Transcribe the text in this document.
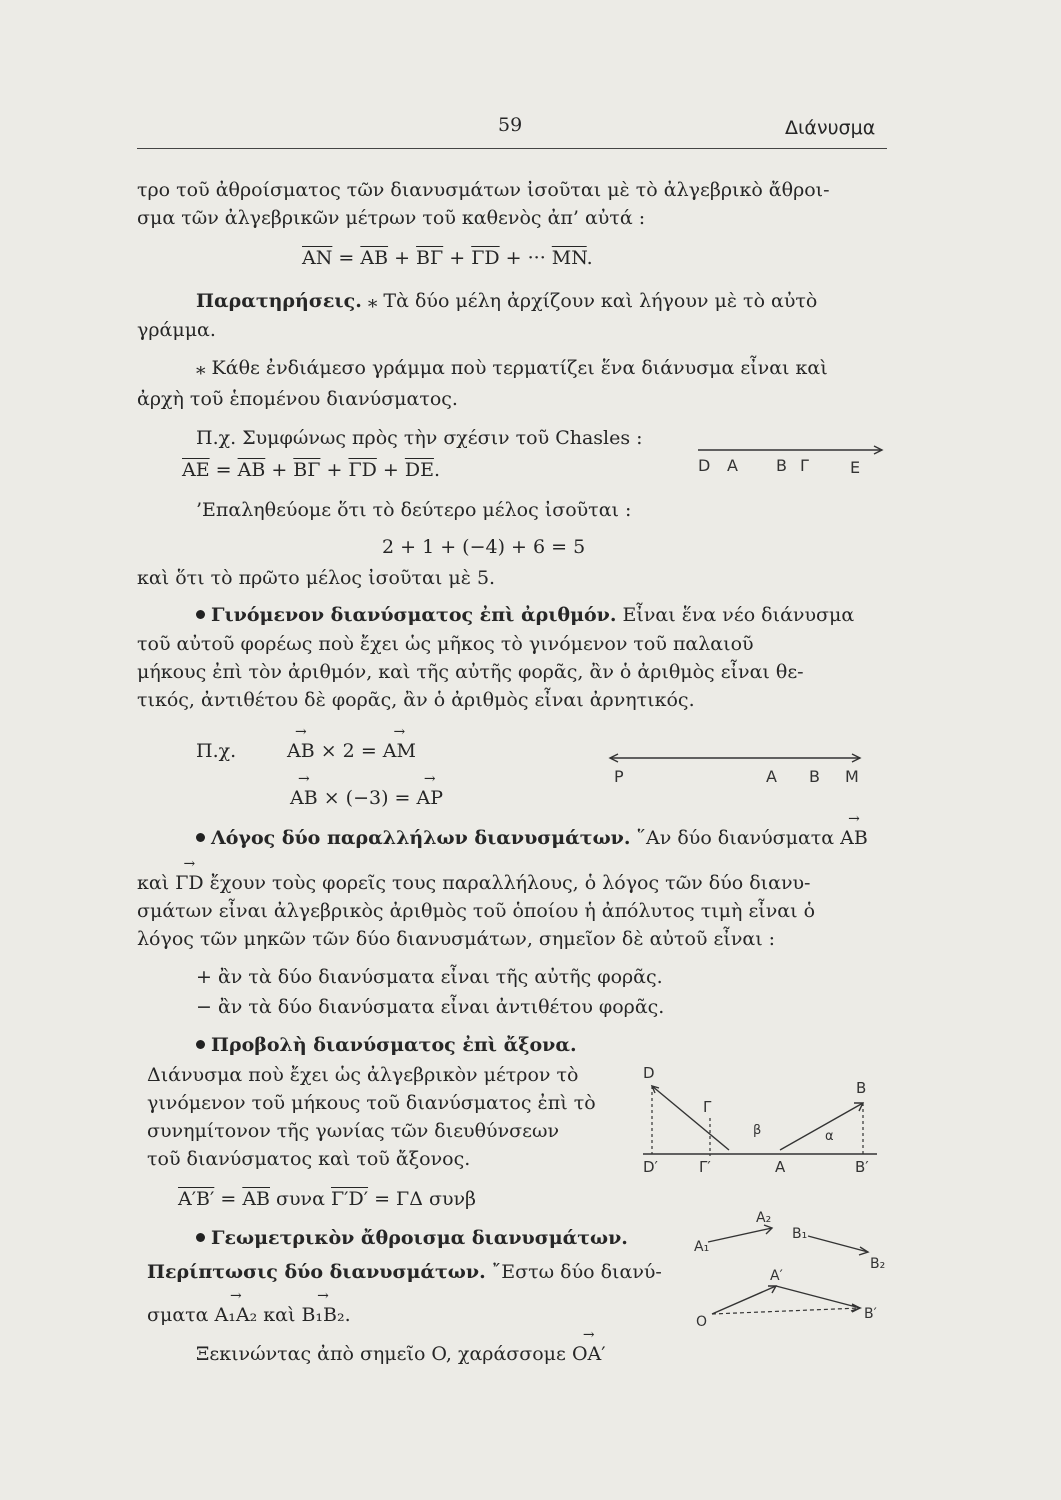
59	Διάνυσμα
τρο τοῦ ἀθροίσματος τῶν διανυσμάτων ἰσοῦται μὲ τὸ ἀλγεβρικὸ ἄθροι-
σμα τῶν ἀλγεβρικῶν μέτρων τοῦ καθενὸς ἀπ’ αὐτά :
$\overline{AN} = \overline{AB} + \overline{B\Gamma} + \overline{\Gamma D}$ + ··· $\overline{MN}$.
Παρατηρήσεις. ⁎ Τὰ δύο μέλη ἀρχίζουν καὶ λήγουν μὲ τὸ αὐτὸ
γράμμα.
⁎ Κάθε ἐνδιάμεσο γράμμα ποὺ τερματίζει ἕνα διάνυσμα εἶναι καὶ
ἀρχὴ τοῦ ἑπομένου διανύσματος.
Π.χ. Συμφώνως πρὸς τὴν σχέσιν τοῦ Chasles :
$\overline{AE} = \overline{AB} + \overline{B\Gamma} + \overline{\Gamma D} + \overline{DE}$.	D A B Γ	E
’Επαληθεύομε ὅτι τὸ δεύτερο μέλος ἰσοῦται :
2 + 1 + (−4) + 6 = 5
καὶ ὅτι τὸ πρῶτο μέλος ἰσοῦται μὲ 5.
Γινόμενον διανύσματος ἐπὶ ἀριθμόν. Εἶναι ἕνα νέο διάνυσμα
τοῦ αὐτοῦ φορέως ποὺ ἔχει ὡς μῆκος τὸ γινόμενον τοῦ παλαιοῦ
μήκους ἐπὶ τὸν ἀριθμόν, καὶ τῆς αὐτῆς φορᾶς, ἂν ὁ ἀριθμὸς εἶναι θε-
τικός, ἀντιθέτου δὲ φορᾶς, ἂν ὁ ἀριθμὸς εἶναι ἀρνητικός.
Π.χ.	→ AB × 2 = → AM
→ AB × (−3) = → AP
P	A B M
Λόγος δύο παραλλήλων διανυσμάτων. ῞Αν δύο διανύσματα → AB
καὶ → ΓD ἔχουν τοὺς φορεῖς τους παραλλήλους, ὁ λόγος τῶν δύο διανυ-
σμάτων εἶναι ἀλγεβρικὸς ἀριθμὸς τοῦ ὁποίου ἡ ἀπόλυτος τιμὴ εἶναι ὁ
λόγος τῶν μηκῶν τῶν δύο διανυσμάτων, σημεῖον δὲ αὐτοῦ εἶναι :
+ ἂν τὰ δύο διανύσματα εἶναι τῆς αὐτῆς φορᾶς.
− ἂν τὰ δύο διανύσματα εἶναι ἀντιθέτου φορᾶς.
Προβολὴ διανύσματος ἐπὶ ἄξονα.
Διάνυσμα ποὺ ἔχει ὡς ἀλγεβρικὸν μέτρον τὸ
γινόμενον τοῦ μήκους τοῦ διανύσματος ἐπὶ τὸ
συνημίτονον τῆς γωνίας τῶν διευθύνσεων
τοῦ διανύσματος καὶ τοῦ ἄξονος.
$A'B' = \overline{AB}$ συνα Γ′D′ = ΓΔ συνβ
D
Γ
β
B
α
D′	Γ′	A	B′
Γεωμετρικὸν ἄθροισμα διανυσμάτων.
Περίπτωσις δύο διανυσμάτων. ῎Εστω δύο διανύ-
σματα → A₁A₂ καὶ → B₁B₂.
Ξεκινώντας ἀπὸ σημεῖο O, χαράσσομε → OA′
A₂
A₁
B₁
B₂
A′
O	B′
